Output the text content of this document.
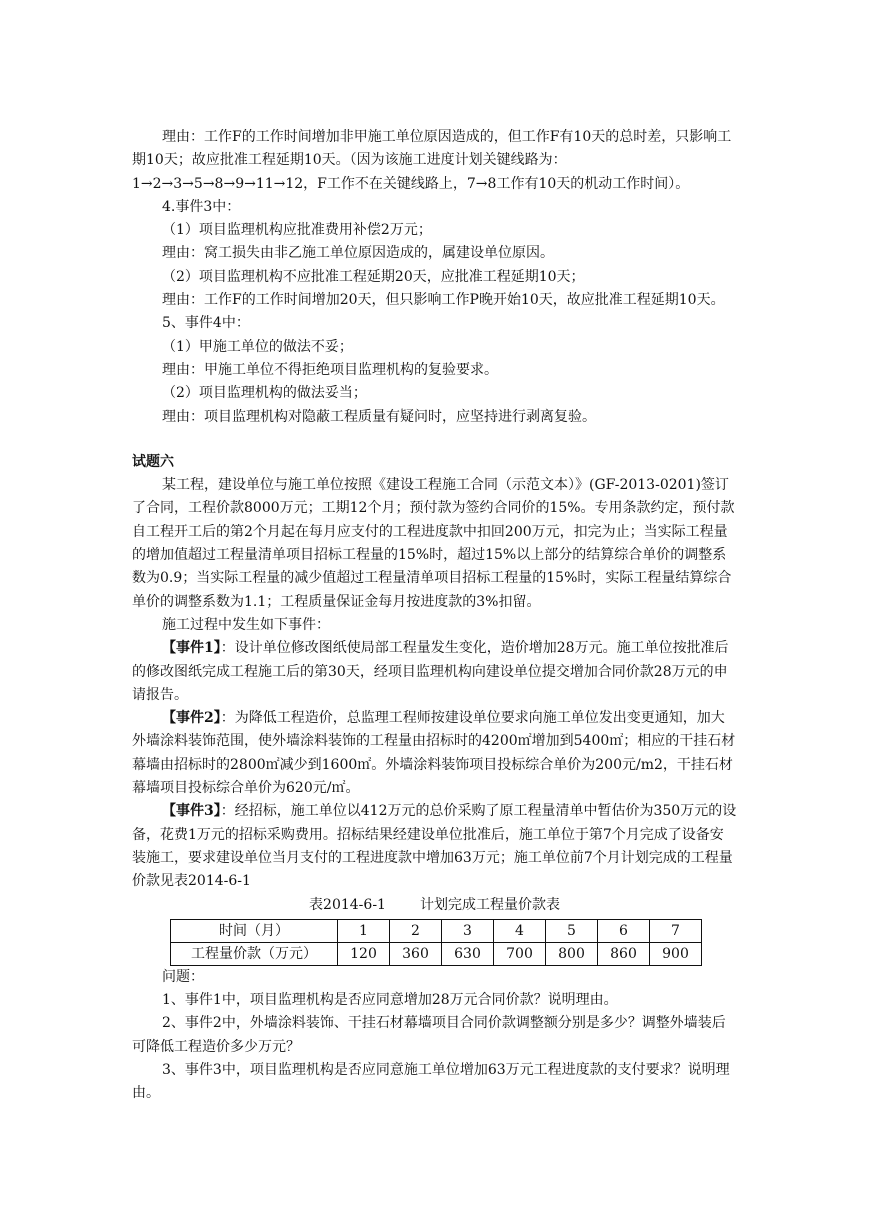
理由：工作F的工作时间增加非甲施工单位原因造成的，但工作F有10天的总时差，只影响工期10天；故应批准工程延期10天。（因为该施工进度计划关键线路为：1→2→3→5→8→9→11→12，F工作不在关键线路上，7→8工作有10天的机动工作时间）。

4.事件3中：

（1）项目监理机构应批准费用补偿2万元；

理由：窝工损失由非乙施工单位原因造成的，属建设单位原因。

（2）项目监理机构不应批准工程延期20天，应批准工程延期10天；

理由：工作F的工作时间增加20天，但只影响工作P晚开始10天，故应批准工程延期10天。

5、事件4中：

（1）甲施工单位的做法不妥；

理由：甲施工单位不得拒绝项目监理机构的复验要求。

（2）项目监理机构的做法妥当；

理由：项目监理机构对隐蔽工程质量有疑问时，应坚持进行剥离复验。

试题六

某工程，建设单位与施工单位按照《建设工程施工合同（示范文本）》(GF-2013-0201)签订了合同，工程价款8000万元；工期12个月；预付款为签约合同价的15%。专用条款约定，预付款自工程开工后的第2个月起在每月应支付的工程进度款中扣回200万元，扣完为止；当实际工程量的增加值超过工程量清单项目招标工程量的15%时，超过15%以上部分的结算综合单价的调整系数为0.9；当实际工程量的减少值超过工程量清单项目招标工程量的15%时，实际工程量结算综合单价的调整系数为1.1；工程质量保证金每月按进度款的3%扣留。

施工过程中发生如下事件：

【事件1】：设计单位修改图纸使局部工程量发生变化，造价增加28万元。施工单位按批准后的修改图纸完成工程施工后的第30天，经项目监理机构向建设单位提交增加合同价款28万元的申请报告。

【事件2】：为降低工程造价，总监理工程师按建设单位要求向施工单位发出变更通知，加大外墙涂料装饰范围，使外墙涂料装饰的工程量由招标时的4200㎡增加到5400㎡；相应的干挂石材幕墙由招标时的2800㎡减少到1600㎡。外墙涂料装饰项目投标综合单价为200元/m2，干挂石材幕墙项目投标综合单价为620元/㎡。

【事件3】：经招标，施工单位以412万元的总价采购了原工程量清单中暂估价为350万元的设备，花费1万元的招标采购费用。招标结果经建设单位批准后，施工单位于第7个月完成了设备安装施工，要求建设单位当月支付的工程进度款中增加63万元；施工单位前7个月计划完成的工程量价款见表2014-6-1

表2014-6-1 计划完成工程量价款表

时间（月）	1	2	3	4	5	6	7
工程量价款（万元）	120	360	630	700	800	860	900

问题：

1、事件1中，项目监理机构是否应同意增加28万元合同价款？说明理由。

2、事件2中，外墙涂料装饰、干挂石材幕墙项目合同价款调整额分别是多少？调整外墙装后可降低工程造价多少万元？

3、事件3中，项目监理机构是否应同意施工单位增加63万元工程进度款的支付要求？说明理由。
